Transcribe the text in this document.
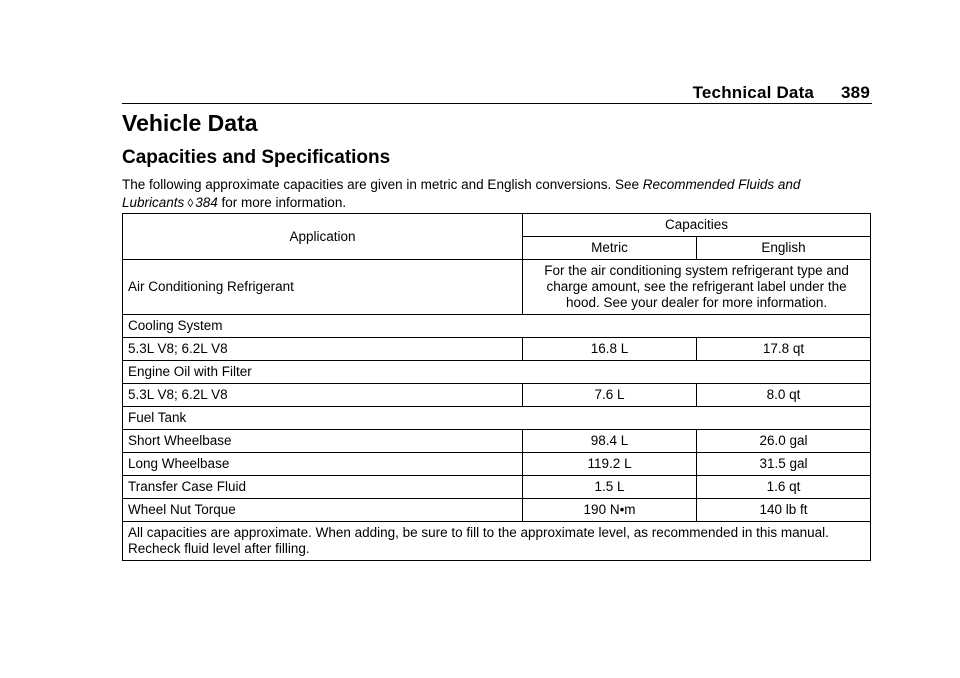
Technical Data 389
Vehicle Data
Capacities and Specifications

The following approximate capacities are given in metric and English conversions. See Recommended Fluids and Lubricants ◊ 384 for more information.

Application	Capacities	
	Metric	English
Air Conditioning Refrigerant	For the air conditioning system refrigerant type and charge amount, see the refrigerant label under the hood. See your dealer for more information.	
Cooling System		
5.3L V8; 6.2L V8	16.8 L	17.8 qt
Engine Oil with Filter		
5.3L V8; 6.2L V8	7.6 L	8.0 qt
Fuel Tank		
Short Wheelbase	98.4 L	26.0 gal
Long Wheelbase	119.2 L	31.5 gal
Transfer Case Fluid	1.5 L	1.6 qt
Wheel Nut Torque	190 N•m	140 lb ft
All capacities are approximate. When adding, be sure to fill to the approximate level, as recommended in this manual. Recheck fluid level after filling.		
